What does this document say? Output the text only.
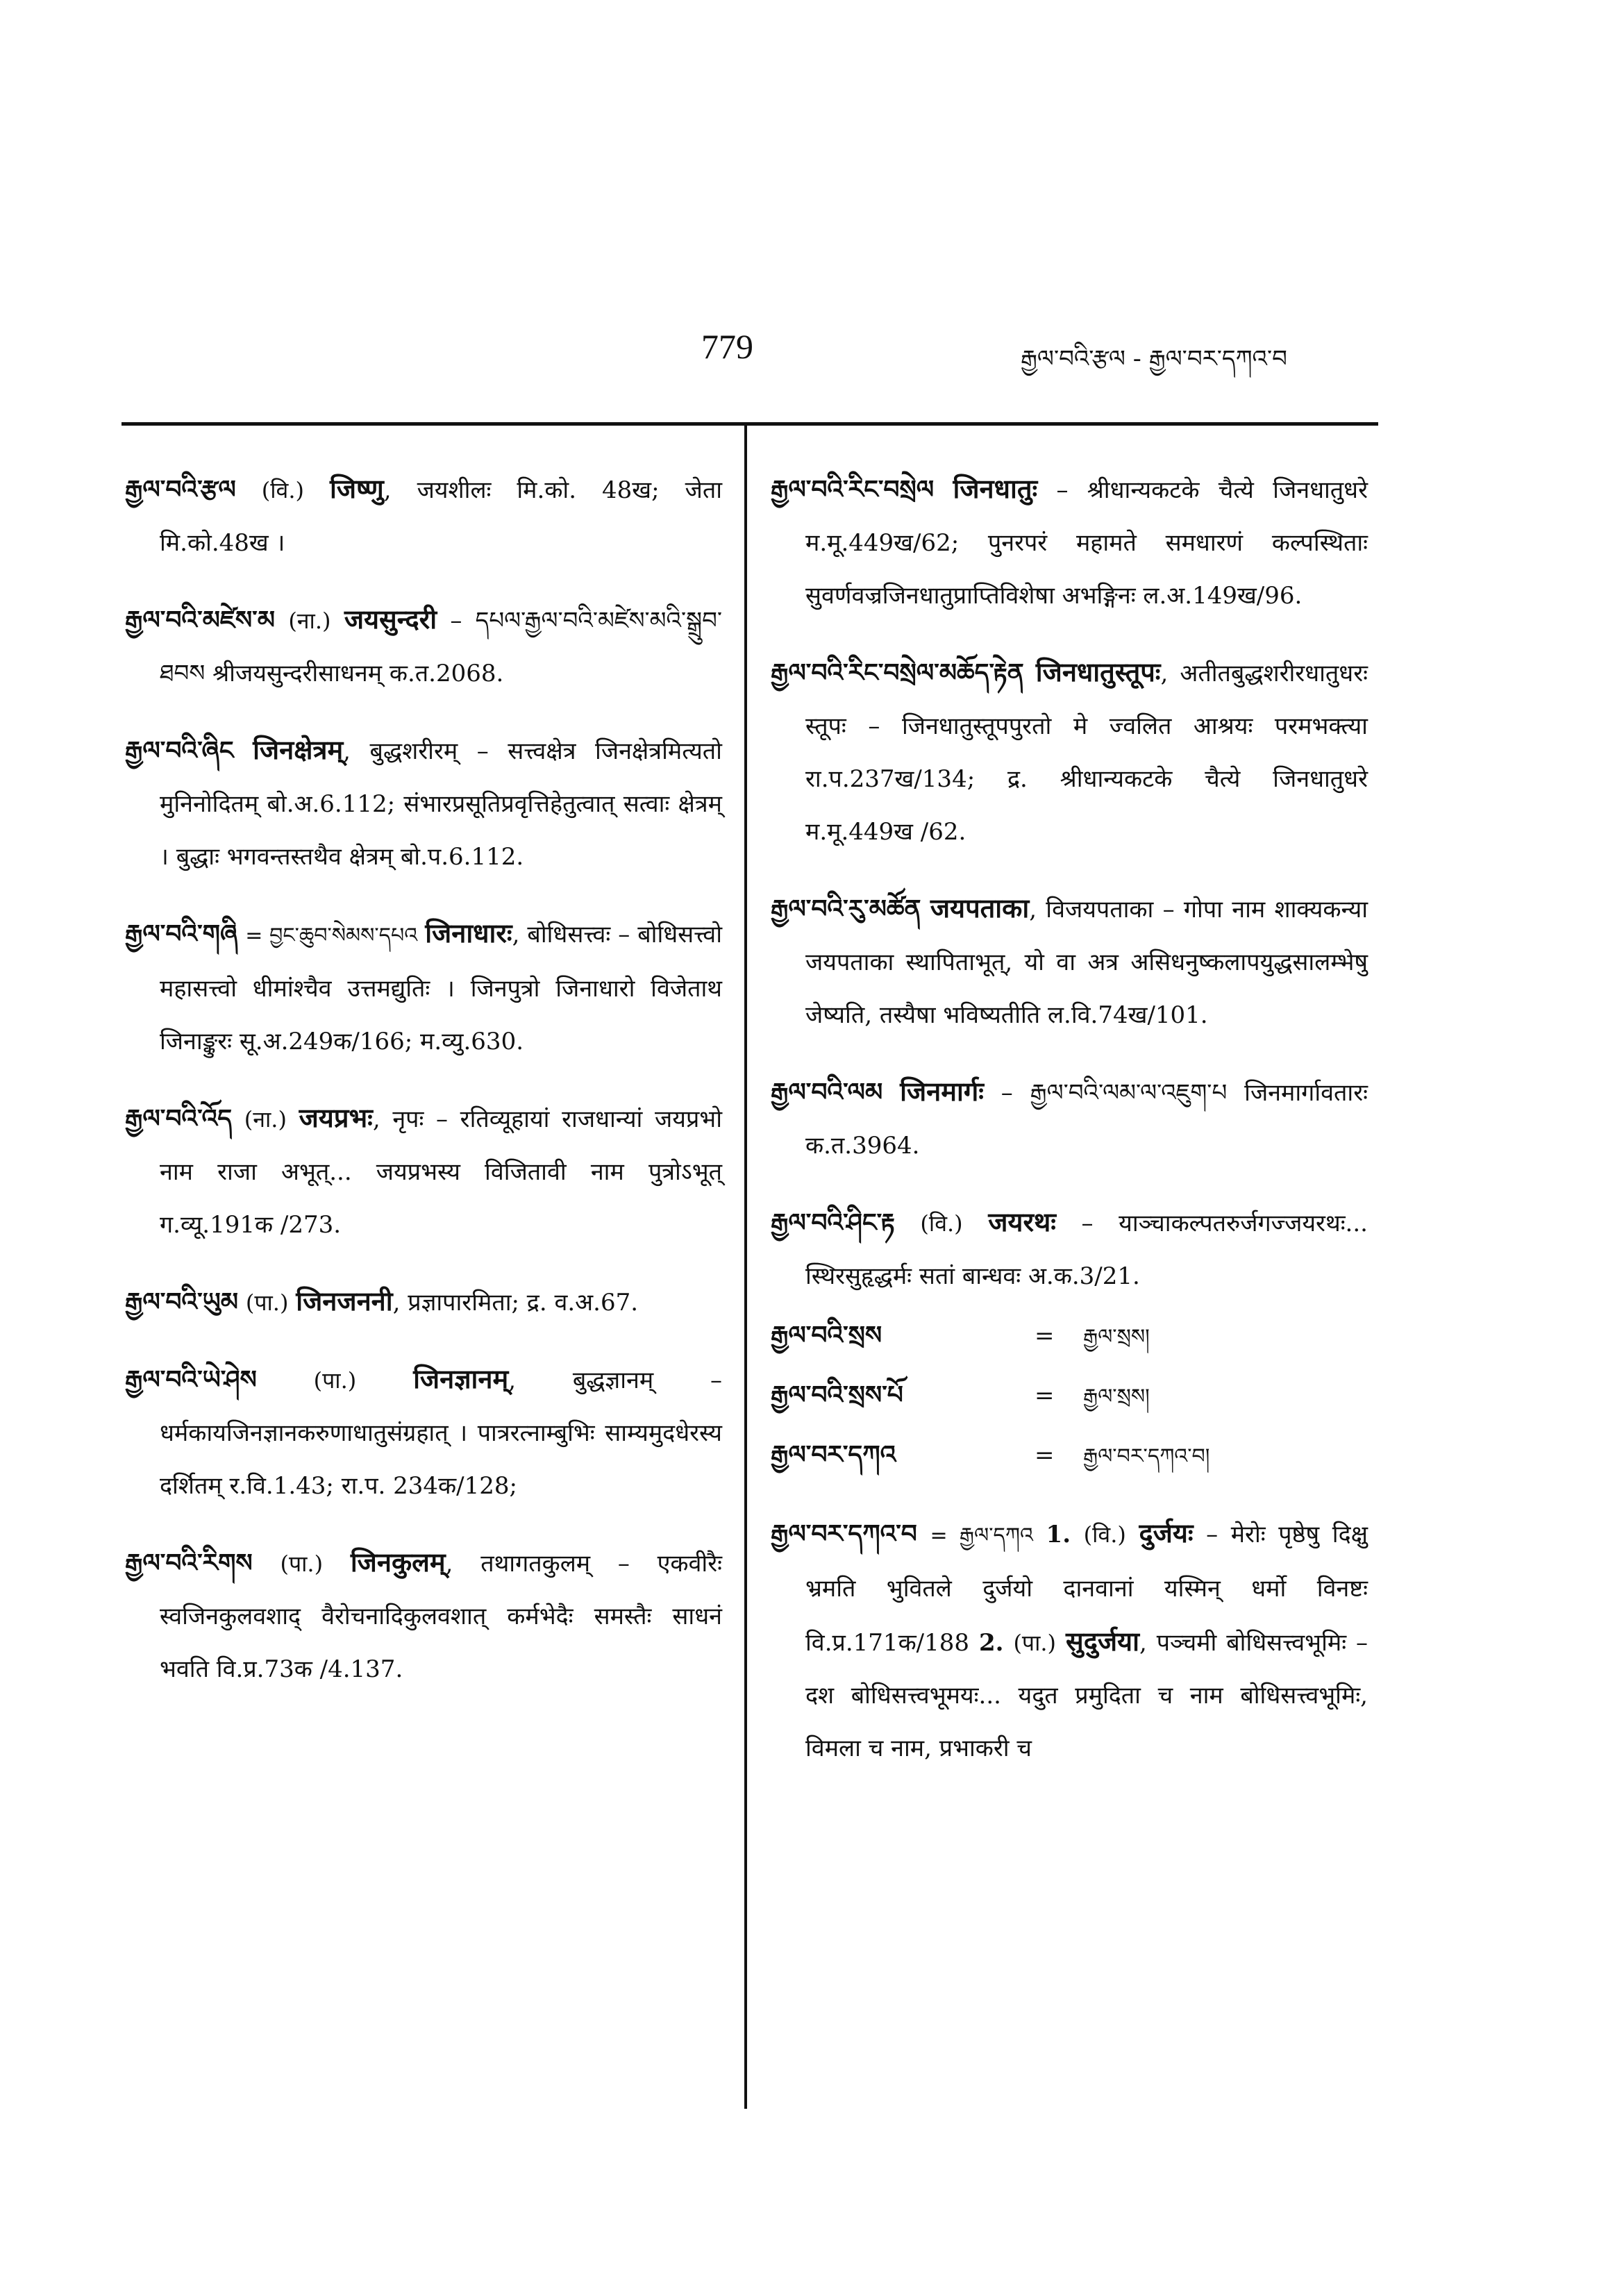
779	རྒྱལ་བའི་རྩལ - རྒྱལ་བར་དཀའ་བ

རྒྱལ་བའི་རྩལ (वि.) जिष्णु, जयशीलः मि.को. 48ख; जेता मि.को.48ख ।

རྒྱལ་བའི་མཛེས་མ (ना.) जयसुन्दरी – དཔལ་རྒྱལ་བའི་མཛེས་མའི་སྒྲུབ་ཐབས श्रीजयसुन्दरीसाधनम् क.त.2068.

རྒྱལ་བའི་ཞིང जिनक्षेत्रम्, बुद्धशरीरम् – सत्त्वक्षेत्र जिनक्षेत्रमित्यतो मुनिनोदितम् बो.अ.6.112; संभारप्रसूतिप्रवृत्तिहेतुत्वात् सत्वाः क्षेत्रम् । बुद्धाः भगवन्तस्तथैव क्षेत्रम् बो.प.6.112.

རྒྱལ་བའི་གཞི = བྱང་ཆུབ་སེམས་དཔའ जिनाधारः, बोधिसत्त्वः – बोधिसत्त्वो महासत्त्वो धीमांश्चैव उत्तमद्युतिः । जिनपुत्रो जिनाधारो विजेताथ जिनाङ्कुरः सू.अ.249क/166; म.व्यु.630.

རྒྱལ་བའི་འོད (ना.) जयप्रभः, नृपः – रतिव्यूहायां राजधान्यां जयप्रभो नाम राजा अभूत्... जयप्रभस्य विजितावी नाम पुत्रोऽभूत् ग.व्यू.191क /273.

རྒྱལ་བའི་ཡུམ (पा.) जिनजननी, प्रज्ञापारमिता; द्र. व.अ.67.

རྒྱལ་བའི་ཡེ་ཤེས	(पा.) जिनज्ञानम्, बुद्धज्ञानम् – धर्मकायजिनज्ञानकरुणाधातुसंग्रहात् । पात्ररत्नाम्बुभिः साम्यमुदधेरस्य दर्शितम् र.वि.1.43; रा.प. 234क/128;

རྒྱལ་བའི་རིགས (पा.) जिनकुलम्, तथागतकुलम् – एकवीरैः स्वजिनकुलवशाद् वैरोचनादिकुलवशात् कर्मभेदैः समस्तैः साधनं भवति वि.प्र.73क /4.137.

རྒྱལ་བའི་རིང་བསྲེལ जिनधातुः – श्रीधान्यकटके चैत्ये जिनधातुधरे म.मू.449ख/62; पुनरपरं महामते समधारणं कल्पस्थिताः सुवर्णवज्रजिनधातुप्राप्तिविशेषा अभङ्गिनः ल.अ.149ख/96.

རྒྱལ་བའི་རིང་བསྲེལ་མཆོད་རྟེན जिनधातुस्तूपः, अतीतबुद्धशरीरधातुधरः स्तूपः – जिनधातुस्तूपपुरतो मे ज्वलित आश्रयः परमभक्त्या रा.प.237ख/134; द्र. श्रीधान्यकटके चैत्ये जिनधातुधरे म.मू.449ख /62.

རྒྱལ་བའི་རུ་མཚོན जयपताका, विजयपताका – गोपा नाम शाक्यकन्या जयपताका स्थापिताभूत्, यो वा अत्र असिधनुष्कलापयुद्धसालम्भेषु जेष्यति, तस्यैषा भविष्यतीति ल.वि.74ख/101.

རྒྱལ་བའི་ལམ जिनमार्गः – རྒྱལ་བའི་ལམ་ལ་འཇུག་པ जिनमार्गावतारः क.त.3964.

རྒྱལ་བའི་ཤིང་རྟ (वि.) जयरथः – याञ्चाकल्पतरुर्जगज्जयरथः... स्थिरसुहृद्धर्मः सतां बान्धवः अ.क.3/21.

རྒྱལ་བའི་སྲས	=	རྒྱལ་སྲས།
རྒྱལ་བའི་སྲས་པོ	=	རྒྱལ་སྲས།
རྒྱལ་བར་དཀའ	=	རྒྱལ་བར་དཀའ་བ།

རྒྱལ་བར་དཀའ་བ = རྒྱལ་དཀའ 1. (वि.) दुर्जयः – मेरोः पृष्ठेषु दिक्षु भ्रमति भुवितले दुर्जयो दानवानां यस्मिन् धर्मो विनष्टः वि.प्र.171क/188 2. (पा.) सुदुर्जया, पञ्चमी बोधिसत्त्वभूमिः – दश बोधिसत्त्वभूमयः... यदुत प्रमुदिता च नाम बोधिसत्त्वभूमिः, विमला च नाम, प्रभाकरी च
